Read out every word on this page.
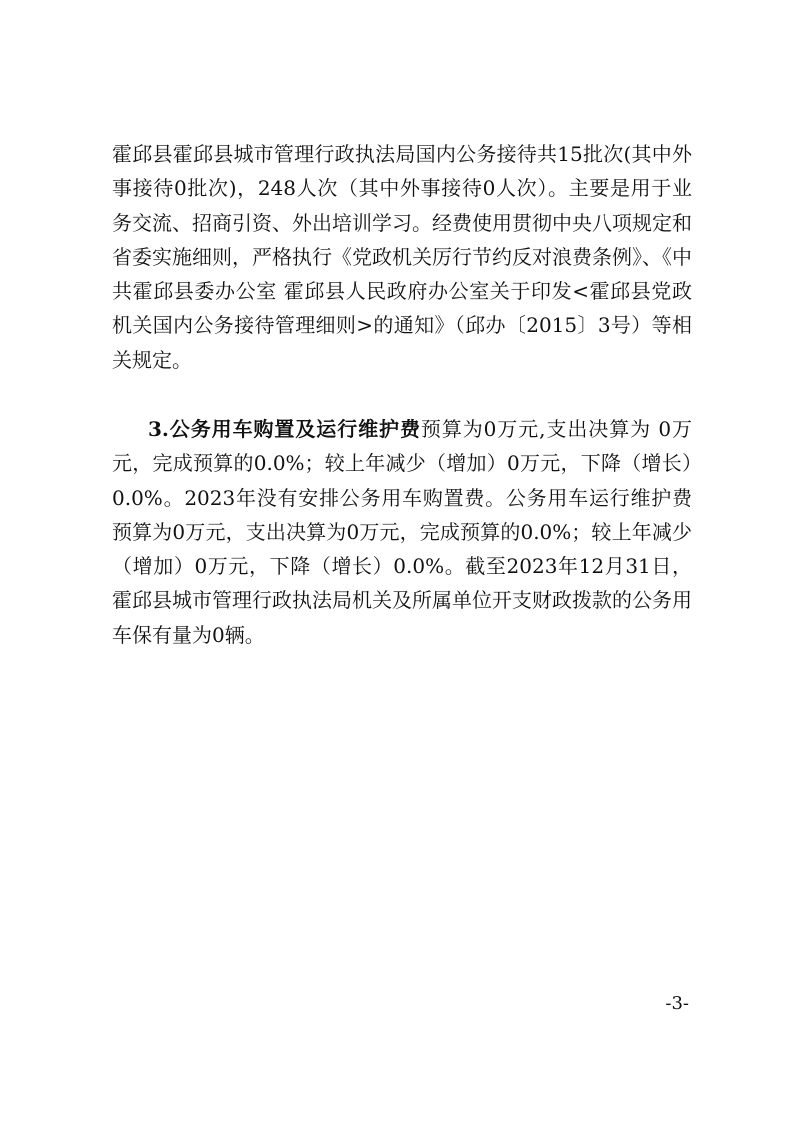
霍邱县霍邱县城市管理行政执法局国内公务接待共15批次(其中外事接待0批次)，248人次（其中外事接待0人次）。主要是用于业务交流、招商引资、外出培训学习。经费使用贯彻中央八项规定和省委实施细则，严格执行《党政机关厉行节约反对浪费条例》、《中共霍邱县委办公室 霍邱县人民政府办公室关于印发<霍邱县党政机关国内公务接待管理细则>的通知》（邱办〔2015〕3号）等相关规定。

3.公务用车购置及运行维护费预算为0万元,支出决算为 0万元，完成预算的0.0%；较上年减少（增加）0万元，下降（增长）0.0%。2023年没有安排公务用车购置费。公务用车运行维护费预算为0万元，支出决算为0万元，完成预算的0.0%；较上年减少（增加）0万元，下降（增长）0.0%。截至2023年12月31日，霍邱县城市管理行政执法局机关及所属单位开支财政拨款的公务用车保有量为0辆。

-3-
